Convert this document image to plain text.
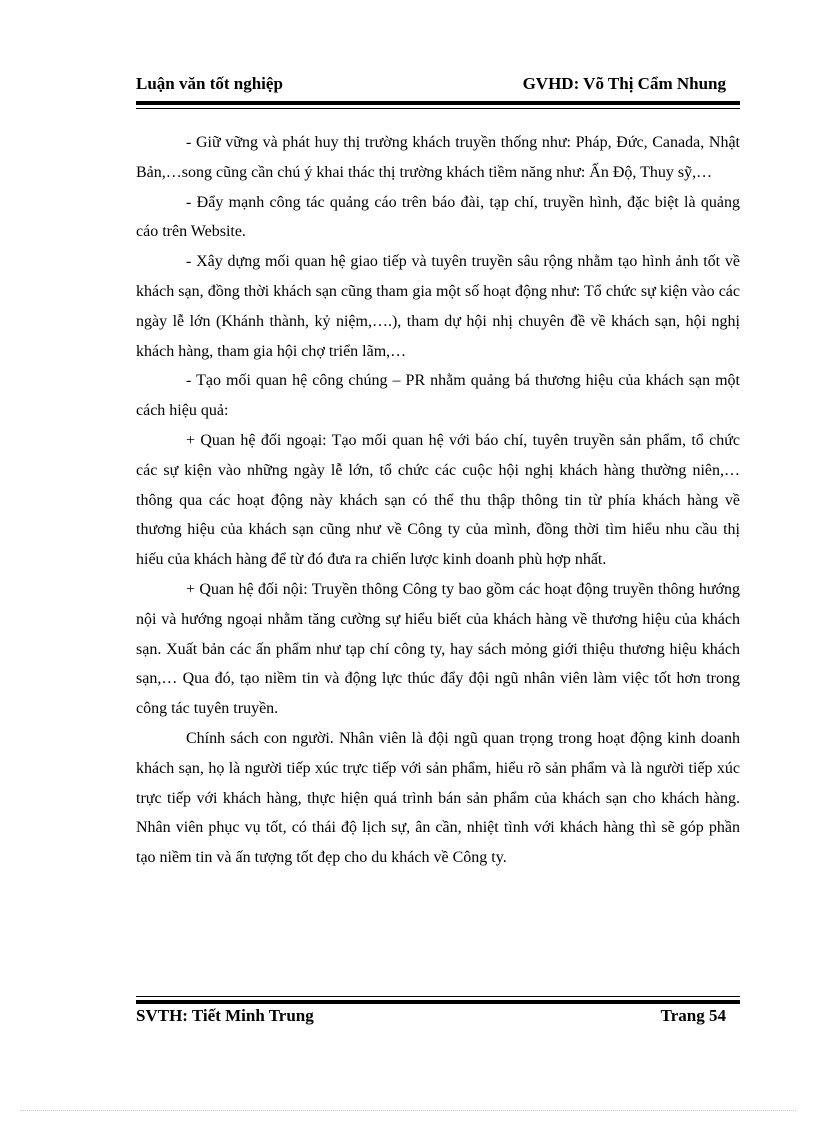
Luận văn tốt nghiệp	GVHD: Võ Thị Cẩm Nhung

- Giữ vững và phát huy thị trường khách truyền thống như: Pháp, Đức, Canada, Nhật Bản,…song cũng cần chú ý khai thác thị trường khách tiềm năng như: Ấn Độ, Thuy sỹ,…

- Đẩy mạnh công tác quảng cáo trên báo đài, tạp chí, truyền hình, đặc biệt là quảng cáo trên Website.

- Xây dựng mối quan hệ giao tiếp và tuyên truyền sâu rộng nhằm tạo hình ảnh tốt về khách sạn, đồng thời khách sạn cũng tham gia một số hoạt động như: Tổ chức sự kiện vào các ngày lễ lớn (Khánh thành, kỷ niệm,….), tham dự hội nhị chuyên đề về khách sạn, hội nghị khách hàng, tham gia hội chợ triển lãm,…

- Tạo mối quan hệ công chúng – PR nhằm quảng bá thương hiệu của khách sạn một cách hiệu quả:

+ Quan hệ đối ngoại: Tạo mối quan hệ với báo chí, tuyên truyền sản phẩm, tổ chức các sự kiện vào những ngày lễ lớn, tổ chức các cuộc hội nghị khách hàng thường niên,…thông qua các hoạt động này khách sạn có thể thu thập thông tin từ phía khách hàng về thương hiệu của khách sạn cũng như về Công ty của mình, đồng thời tìm hiểu nhu cầu thị hiếu của khách hàng để từ đó đưa ra chiến lược kinh doanh phù hợp nhất.

+ Quan hệ đối nội: Truyền thông Công ty bao gồm các hoạt động truyền thông hướng nội và hướng ngoại nhằm tăng cường sự hiểu biết của khách hàng về thương hiệu của khách sạn. Xuất bản các ấn phẩm như tạp chí công ty, hay sách mỏng giới thiệu thương hiệu khách sạn,… Qua đó, tạo niềm tin và động lực thúc đẩy đội ngũ nhân viên làm việc tốt hơn trong công tác tuyên truyền.

Chính sách con người. Nhân viên là đội ngũ quan trọng trong hoạt động kinh doanh khách sạn, họ là người tiếp xúc trực tiếp với sản phẩm, hiểu rõ sản phẩm và là người tiếp xúc trực tiếp với khách hàng, thực hiện quá trình bán sản phẩm của khách sạn cho khách hàng. Nhân viên phục vụ tốt, có thái độ lịch sự, ân cần, nhiệt tình với khách hàng thì sẽ góp phần tạo niềm tin và ấn tượng tốt đẹp cho du khách về Công ty.

SVTH: Tiết Minh Trung	Trang 54
